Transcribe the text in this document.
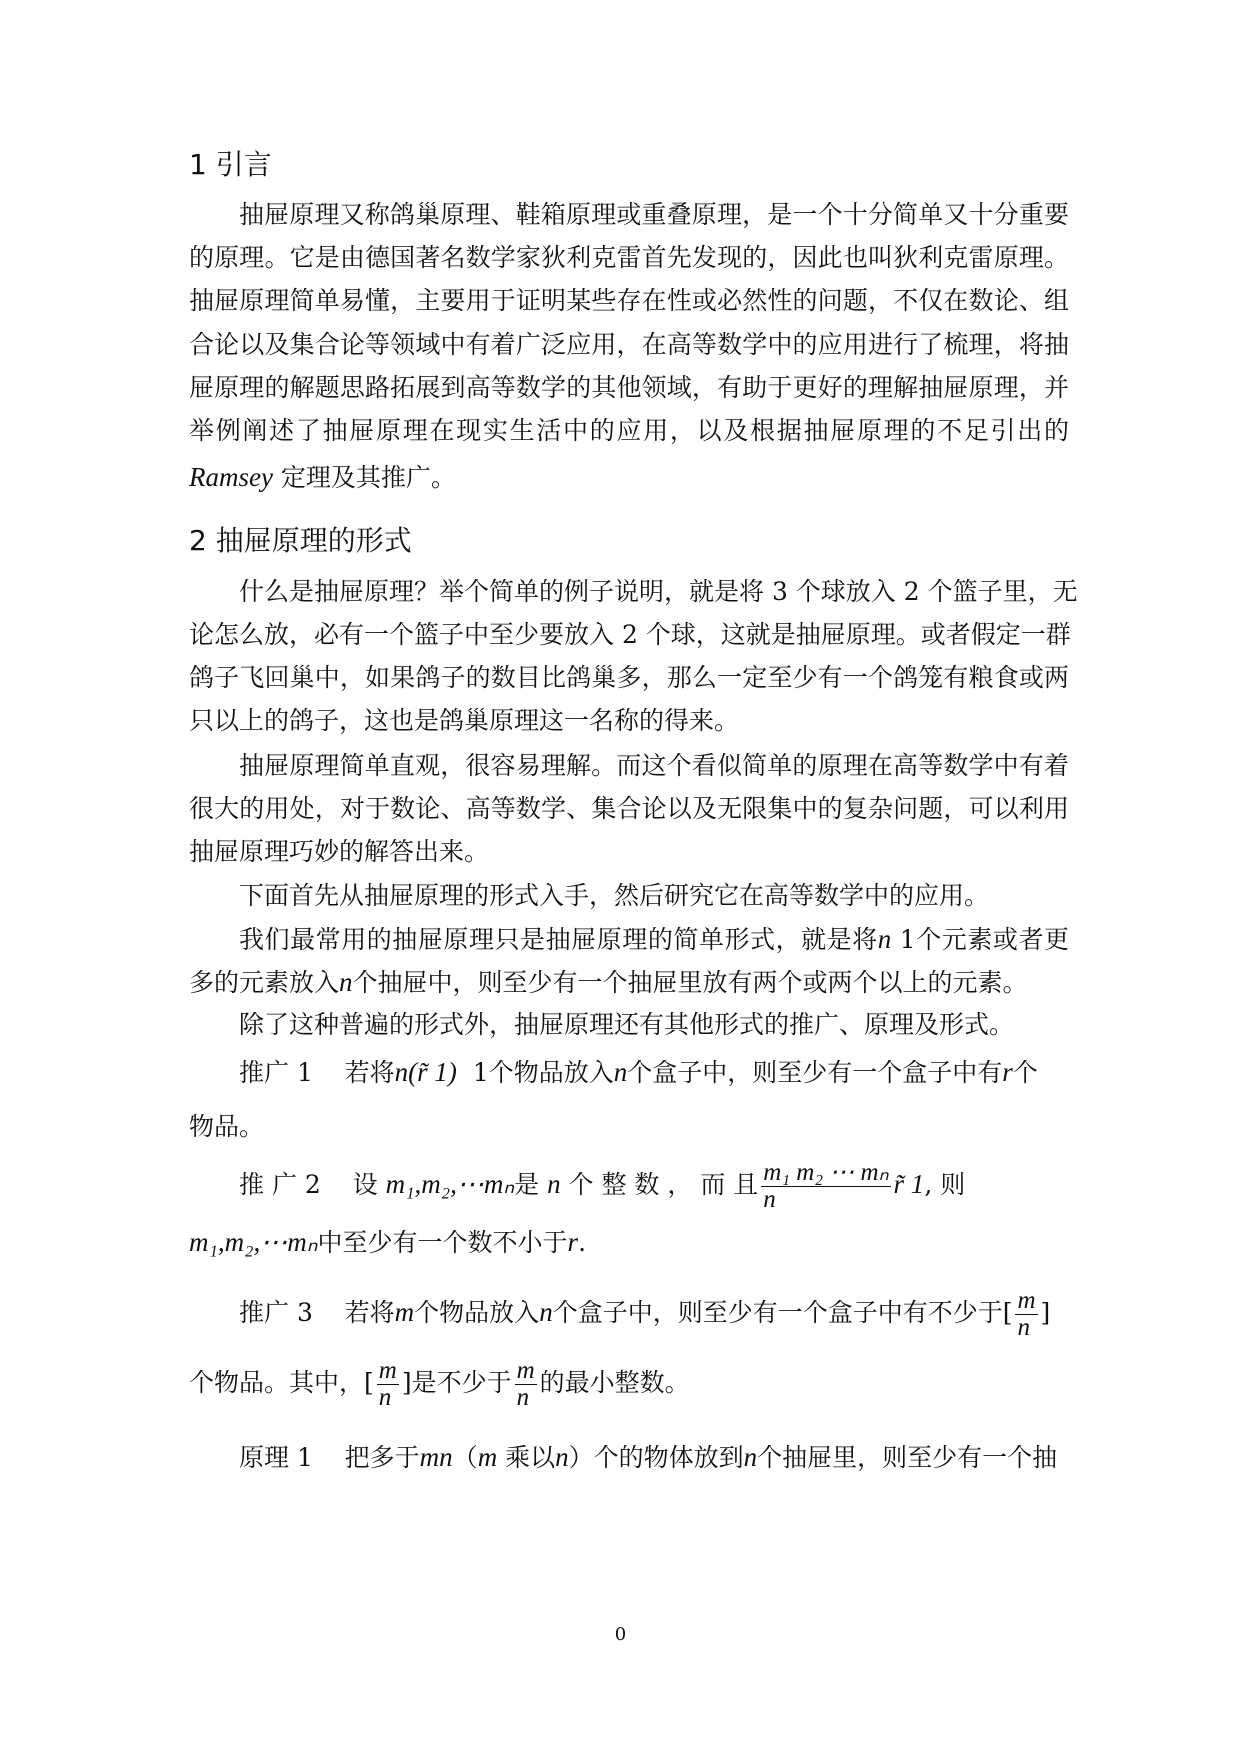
1 引言
抽屉原理又称鸽巢原理、鞋箱原理或重叠原理，是一个十分简单又十分重要
的原理。它是由德国著名数学家狄利克雷首先发现的，因此也叫狄利克雷原理。
抽屉原理简单易懂，主要用于证明某些存在性或必然性的问题，不仅在数论、组
合论以及集合论等领域中有着广泛应用，在高等数学中的应用进行了梳理，将抽
屉原理的解题思路拓展到高等数学的其他领域，有助于更好的理解抽屉原理，并
举例阐述了抽屉原理在现实生活中的应用，以及根据抽屉原理的不足引出的
Ramsey 定理及其推广。
2 抽屉原理的形式
什么是抽屉原理？举个简单的例子说明，就是将 3 个球放入 2 个篮子里，无
论怎么放，必有一个篮子中至少要放入 2 个球，这就是抽屉原理。或者假定一群
鸽子飞回巢中，如果鸽子的数目比鸽巢多，那么一定至少有一个鸽笼有粮食或两
只以上的鸽子，这也是鸽巢原理这一名称的得来。
抽屉原理简单直观，很容易理解。而这个看似简单的原理在高等数学中有着
很大的用处，对于数论、高等数学、集合论以及无限集中的复杂问题，可以利用
抽屉原理巧妙的解答出来。
下面首先从抽屉原理的形式入手，然后研究它在高等数学中的应用。
我们最常用的抽屉原理只是抽屉原理的简单形式，就是将n 1个元素或者更
多的元素放入n个抽屉中，则至少有一个抽屉里放有两个或两个以上的元素。
除了这种普遍的形式外，抽屉原理还有其他形式的推广、原理及形式。
推广 1 若将n(r̃ 1) 1个物品放入n个盒子中，则至少有一个盒子中有r个
物品。
推 广 2 设 m₁,m₂,⋯mₙ是 n 个 整 数 ， 而 且 $\frac{\text{m₁ m₂ ⋯ mₙ}}{n}$ r̃ 1, 则
m₁,m₂,⋯mₙ中至少有一个数不小于r.
推广 3 若将m个物品放入n个盒子中，则至少有一个盒子中有不少于[ $\frac{m}{n}$ ]
个物品。其中，[ $\frac{m}{n}$ ]是不少于 $\frac{m}{n}$ 的最小整数。
原理 1 把多于mn（m 乘以n）个的物体放到n个抽屉里，则至少有一个抽
0
